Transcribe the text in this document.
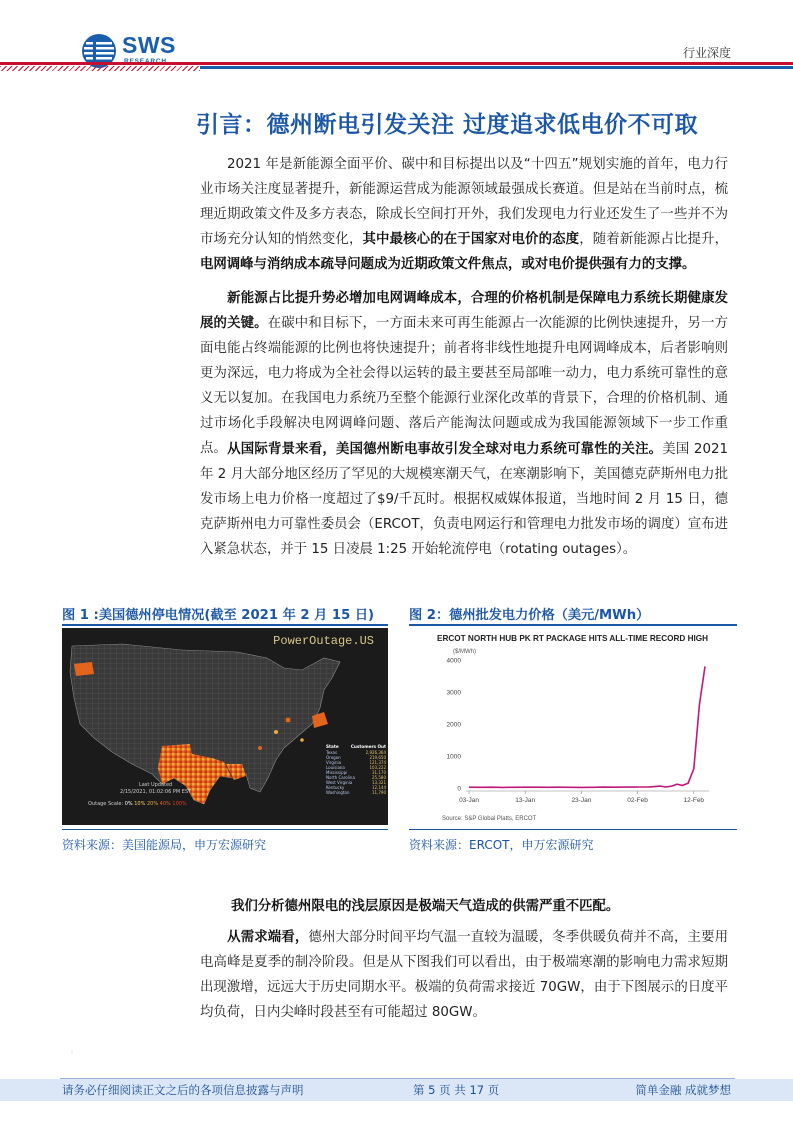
SWS	行业深度
引言：德州断电引发关注 过度追求低电价不可取
2021 年是新能源全面平价、碳中和目标提出以及“十四五”规划实施的首年，电力行业市场关注度显著提升，新能源运营成为能源领域最强成长赛道。但是站在当前时点，梳理近期政策文件及多方表态，除成长空间打开外，我们发现电力行业还发生了一些并不为市场充分认知的悄然变化，其中最核心的在于国家对电价的态度，随着新能源占比提升，电网调峰与消纳成本疏导问题成为近期政策文件焦点，或对电价提供强有力的支撑。
新能源占比提升势必增加电网调峰成本，合理的价格机制是保障电力系统长期健康发展的关键。在碳中和目标下，一方面未来可再生能源占一次能源的比例快速提升，另一方面电能占终端能源的比例也将快速提升；前者将非线性地提升电网调峰成本，后者影响则更为深远，电力将成为全社会得以运转的最主要甚至局部唯一动力，电力系统可靠性的意义无以复加。在我国电力系统乃至整个能源行业深化改革的背景下，合理的价格机制、通过市场化手段解决电网调峰问题、落后产能淘汰问题或成为我国能源领域下一步工作重点。 从国际背景来看，美国德州断电事故引发全球对电力系统可靠性的关注。美国 2021 年 2 月大部分地区经历了罕见的大规模寒潮天气，在寒潮影响下，美国德克萨斯州电力批发市场上电力价格一度超过了$9/千瓦时。根据权威媒体报道，当地时间 2 月 15 日，德克萨斯州电力可靠性委员会（ERCOT，负责电网运行和管理电力批发市场的调度）宣布进入紧急状态，并于 15 日凌晨 1:25 开始轮流停电（rotating outages）。
图 1 :美国德州停电情况(截至 2021 年 2 月 15 日)
PowerOutage.US
State	Customers Out
Texas	2,926,364
Oregon	219,650
Virginia	121,374
Louisiana	103,222
Mississippi	31,170
North Carolina	25,580
West Virginia	13,321
Kentucky	12,144
Washington	11,790
Last Updated
2/15/2021, 01:02:06 PM EST
Outage Scale: 0% 10% 20% 40% 100%
资料来源：美国能源局，申万宏源研究
图 2：德州批发电力价格（美元/MWh）
ERCOT NORTH HUB PK RT PACKAGE HITS ALL-TIME RECORD HIGH
($/MWh)
Source: S&P Global Platts, ERCOT
0
1000
2000
3000
4000
03-Jan	13-Jan	23-Jan	02-Feb	12-Feb
资料来源：ERCOT，申万宏源研究
我们分析德州限电的浅层原因是极端天气造成的供需严重不匹配。
从需求端看，德州大部分时间平均气温一直较为温暖，冬季供暖负荷并不高，主要用电高峰是夏季的制冷阶段。但是从下图我们可以看出，由于极端寒潮的影响电力需求短期出现激增，远远大于历史同期水平。极端的负荷需求接近 70GW，由于下图展示的日度平均负荷，日内尖峰时段甚至有可能超过 80GW。
◦
请务必仔细阅读正文之后的各项信息披露与声明	第 5 页 共 17 页	简单金融 成就梦想
